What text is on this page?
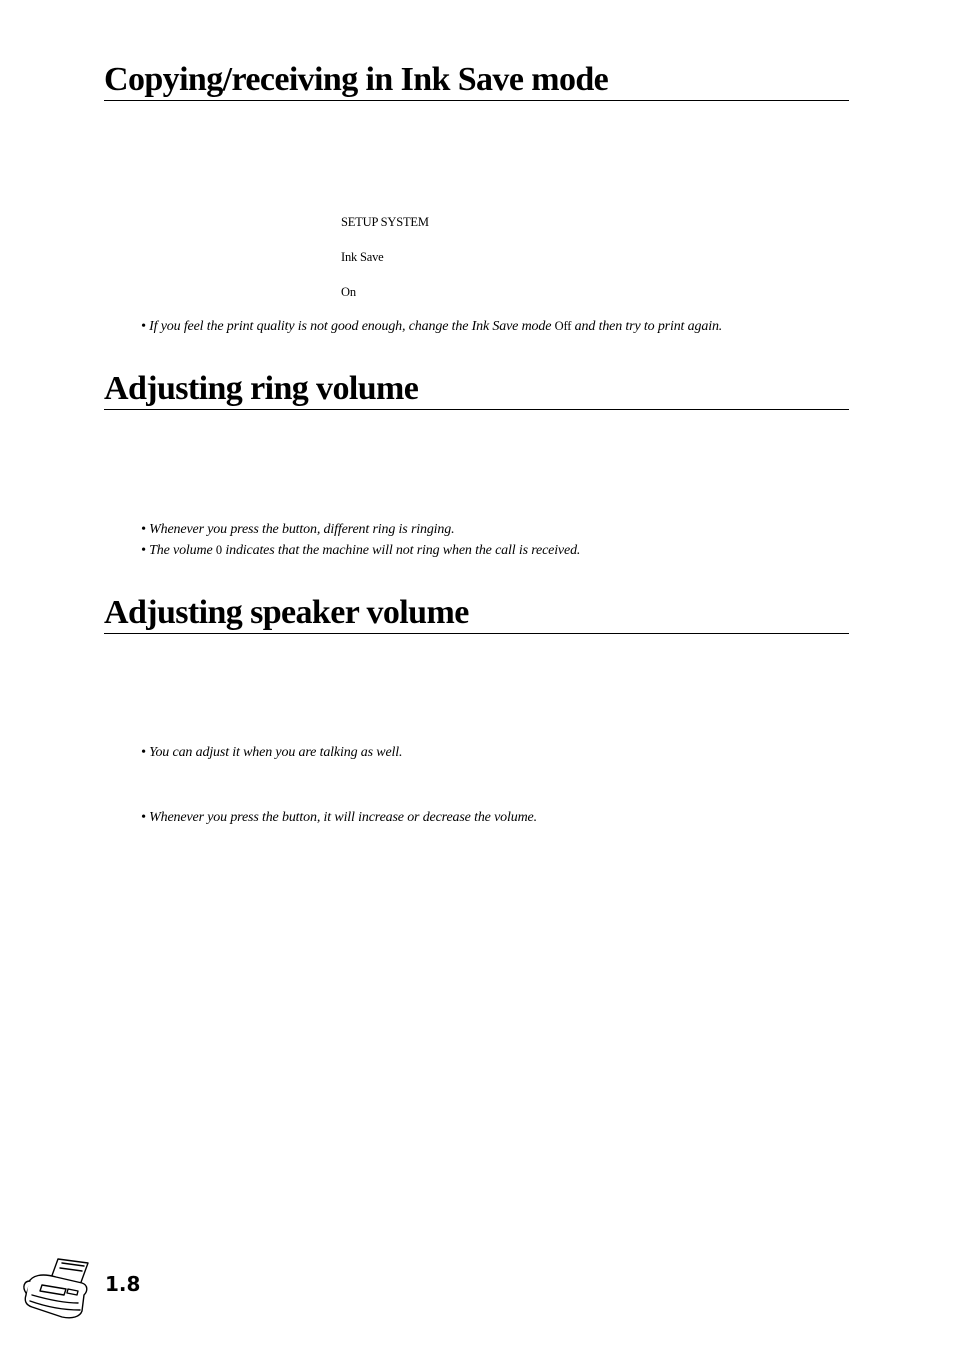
Copying/receiving in Ink Save mode
SETUP SYSTEM
Ink Save
On
• If you feel the print quality is not good enough, change the Ink Save mode Off and then try to print again.
Adjusting ring volume
• Whenever you press the button, different ring is ringing.
• The volume 0 indicates that the machine will not ring when the call is received.
Adjusting speaker volume
• You can adjust it when you are talking as well.
• Whenever you press the button, it will increase or decrease the volume.
1.8
